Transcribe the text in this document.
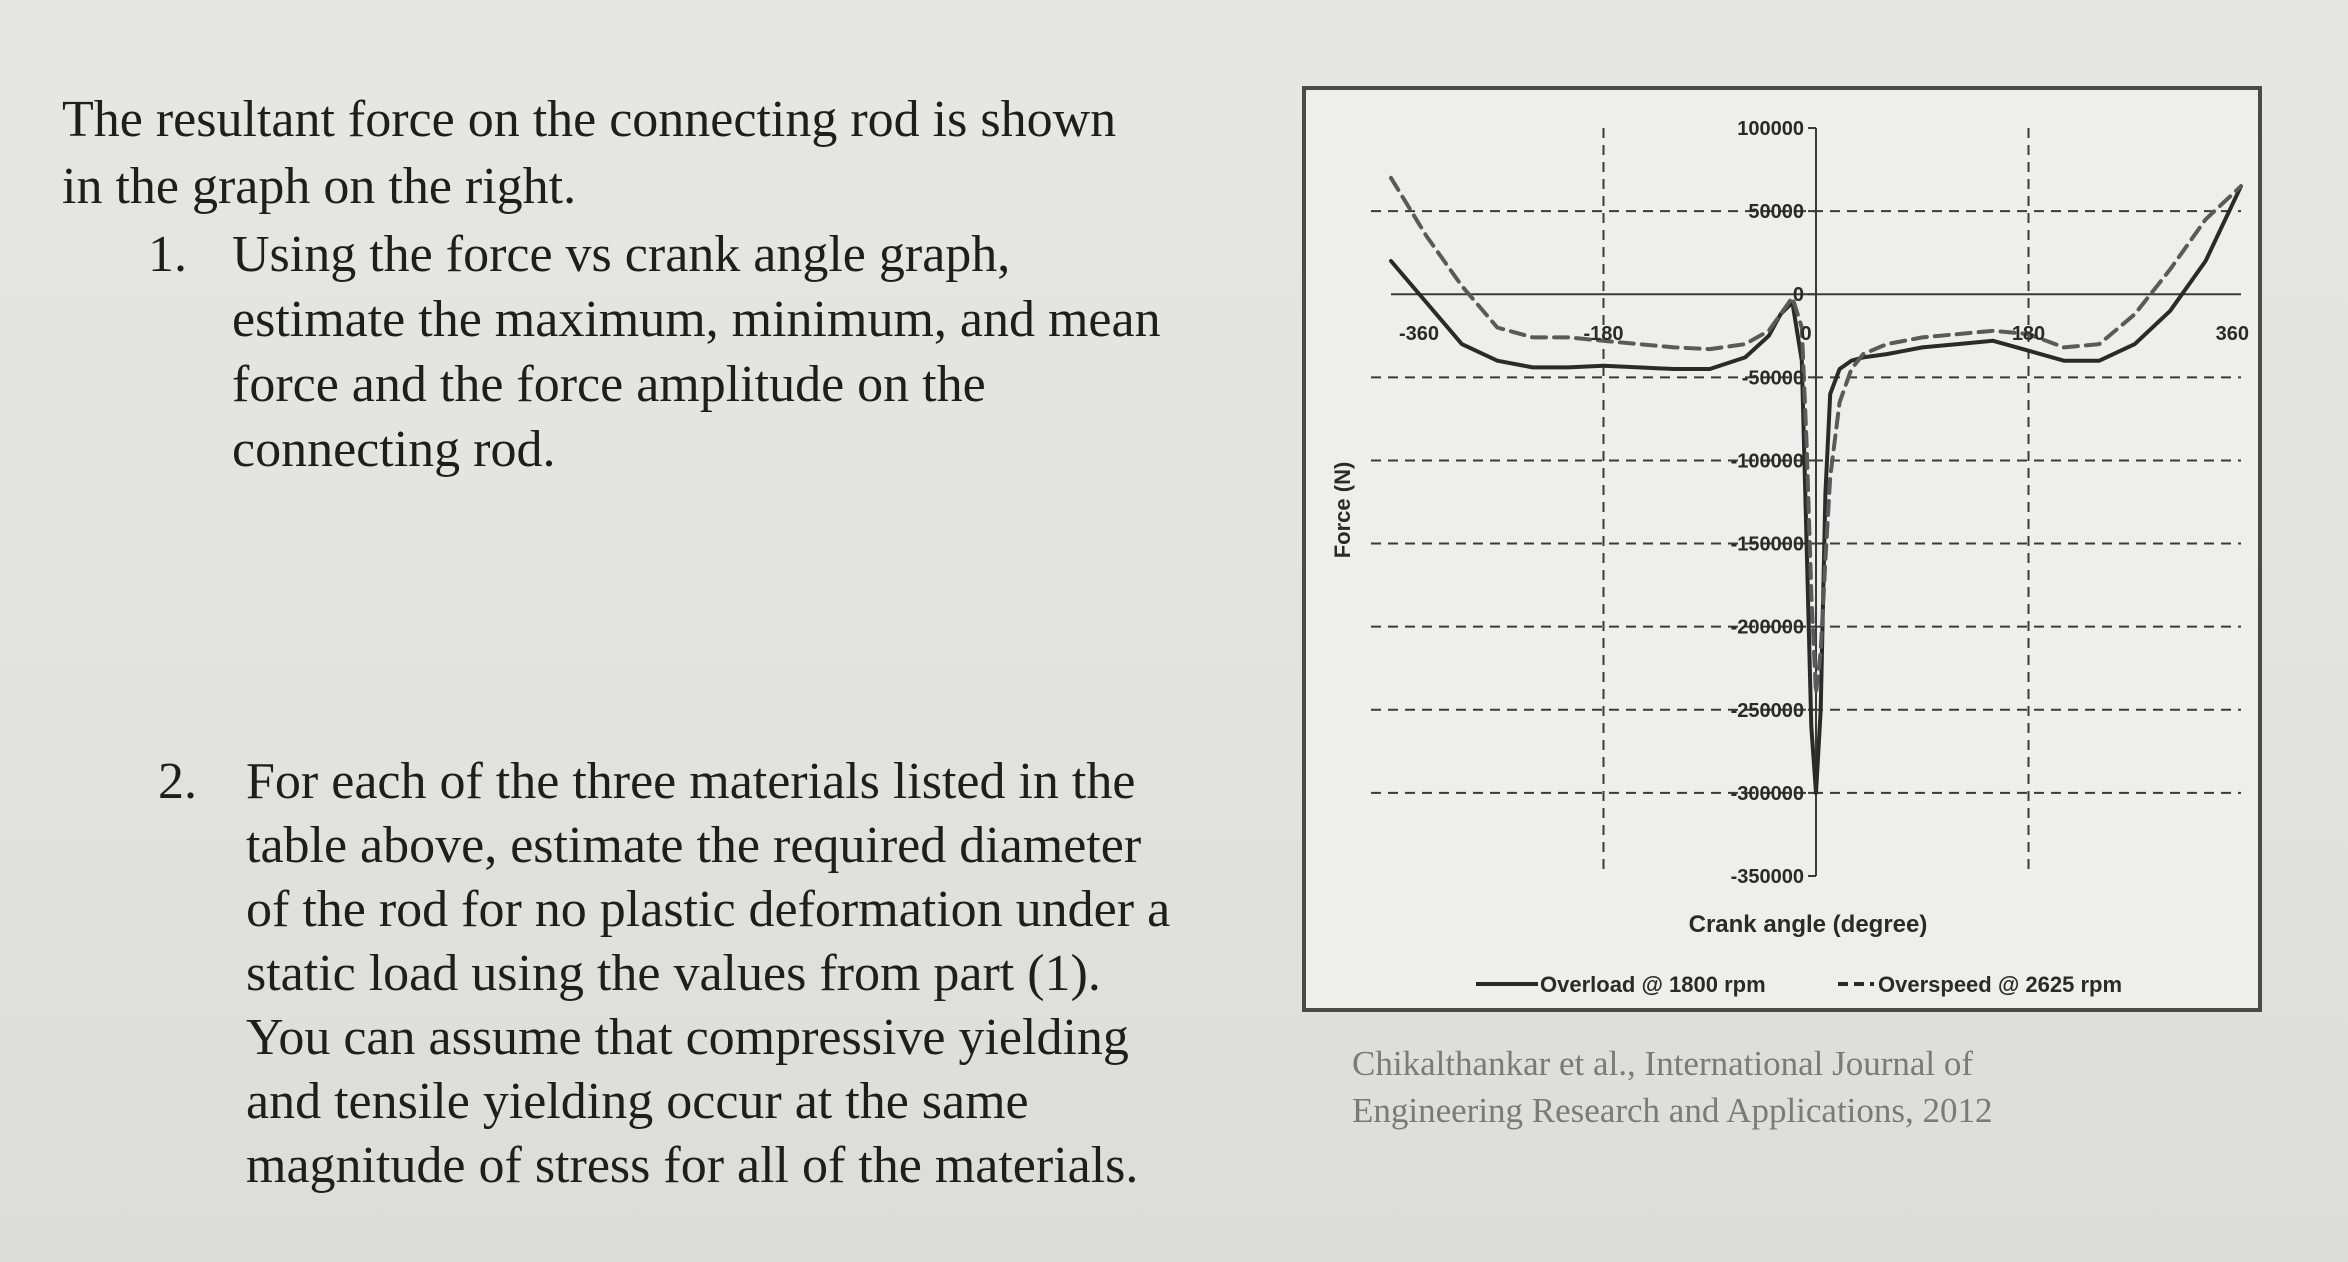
The resultant force on the connecting rod is shown
in the graph on the right.
1. Using the force vs crank angle graph,
estimate the maximum, minimum, and mean
force and the force amplitude on the
connecting rod.
2. For each of the three materials listed in the
table above, estimate the required diameter
of the rod for no plastic deformation under a
static load using the values from part (1).
You can assume that compressive yielding
and tensile yielding occur at the same
magnitude of stress for all of the materials.
100000
50000
0
-50000
-100000
-150000
-200000
-250000
-300000
-350000
-360	-180	0	180	360
Force (N)
Crank angle (degree)
Overload @ 1800 rpm	Overspeed @ 2625 rpm
Chikalthankar et al., International Journal of
Engineering Research and Applications, 2012
